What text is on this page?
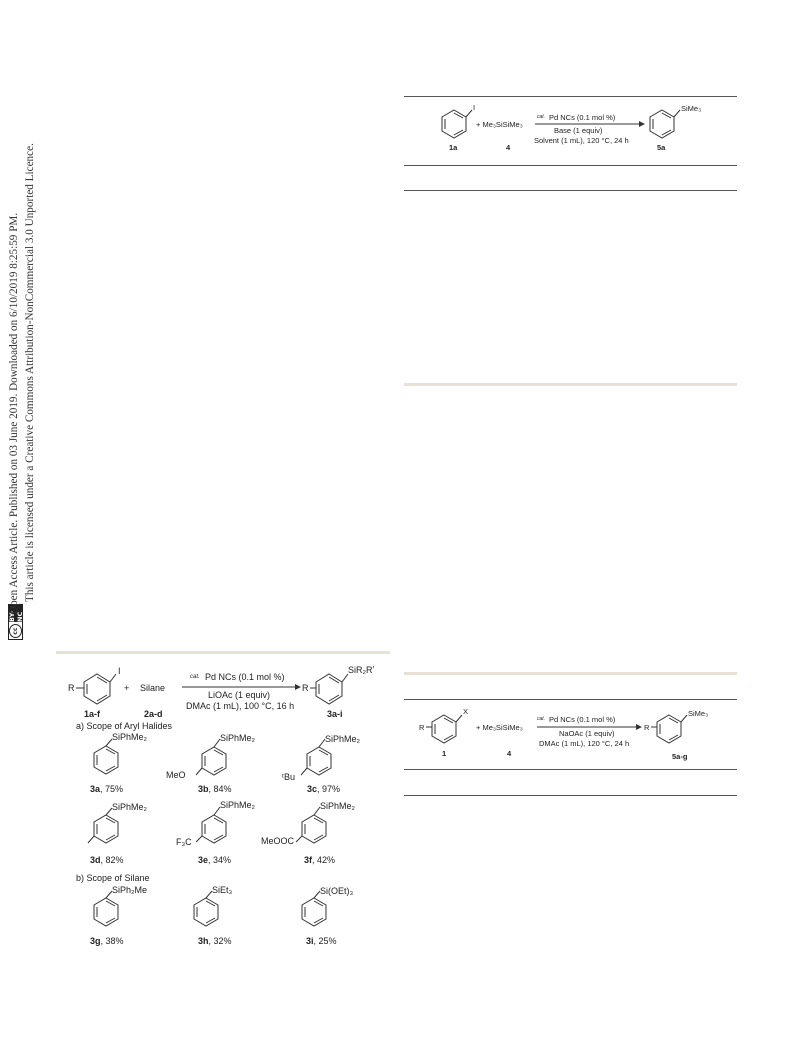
cc
BY-NC
Open Access Article. Published on 03 June 2019. Downloaded on 6/10/2019 8:25:59 PM. This article is licensed under a Creative Commons Attribution-NonCommercial 3.0 Unported Licence.
I
1a
+ Me₃SiSiMe₃
4
cat. Pd NCs (0.1 mol %)
Base (1 equiv)
Solvent (1 mL), 120 °C, 24 h
SiMe₃
5a
R
X
1
+ Me₃SiSiMe₃
4
cat. Pd NCs (0.1 mol %)
NaOAc (1 equiv)
DMAc (1 mL), 120 °C, 24 h
R
SiMe₃
5a-g
R
I
+ Silane
cat. Pd NCs (0.1 mol %)
LiOAc (1 equiv)
DMAc (1 mL), 100 °C, 16 h
R
SiR₂Rʼ
1a-f	2a-d	3a-i
a) Scope of Aryl Halides
SiPhMe₂
3a, 75%
SiPhMe₂
MeO
3b, 84%
SiPhMe₂
ᵗBu
3c, 97%
SiPhMe₂
3d, 82%
SiPhMe₂
F₃C
3e, 34%
SiPhMe₂
MeOOC
3f, 42%
b) Scope of Silane
SiPh₂Me
3g, 38%
SiEt₃
3h, 32%
Si(OEt)₃
3i, 25%
